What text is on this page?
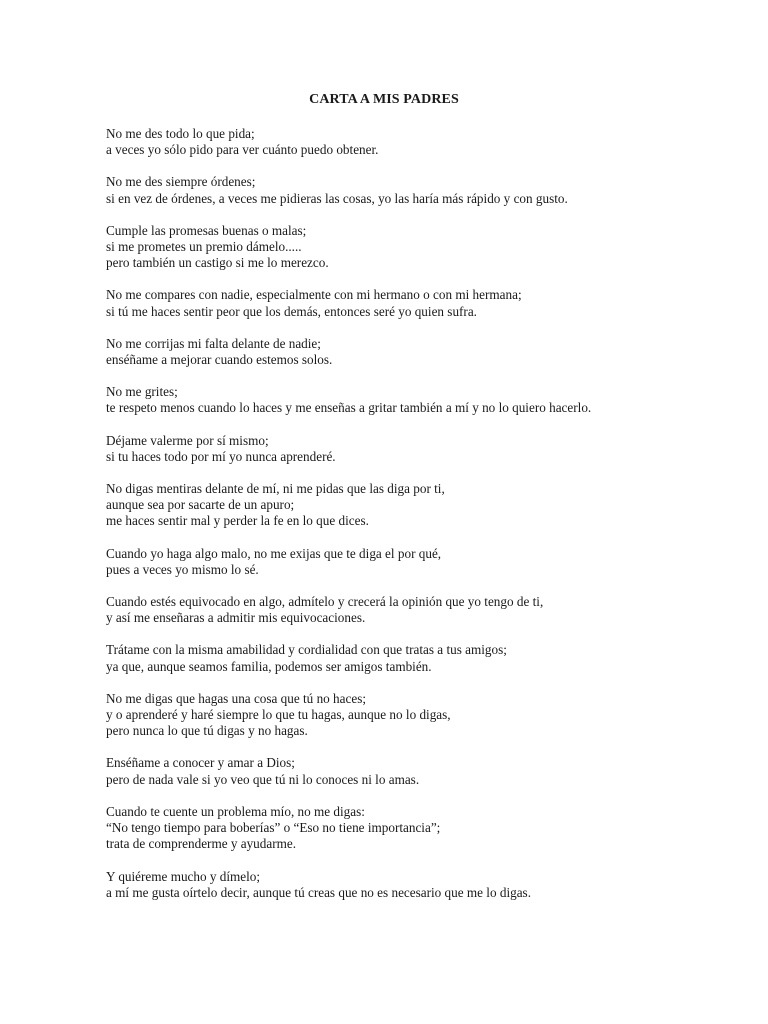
CARTA A MIS PADRES
No me des todo lo que pida;
a veces yo sólo pido para ver cuánto puedo obtener.
No me des siempre órdenes;
si en vez de órdenes, a veces me pidieras las cosas, yo las haría más rápido y con gusto.
Cumple las promesas buenas o malas;
si me prometes un premio dámelo.....
pero también un castigo si me lo merezco.
No me compares con nadie, especialmente con mi hermano o con mi hermana;
si tú me haces sentir peor que los demás, entonces seré yo quien sufra.
No me corrijas mi falta delante de nadie;
enséñame a mejorar cuando estemos solos.
No me grites;
te respeto menos cuando lo haces y me enseñas a gritar también a mí y no lo quiero hacerlo.
Déjame valerme por sí mismo;
si tu haces todo por mí yo nunca aprenderé.
No digas mentiras delante de mí, ni me pidas que las diga por ti,
aunque sea por sacarte de un apuro;
me haces sentir mal y perder la fe en lo que dices.
Cuando yo haga algo malo, no me exijas que te diga el por qué,
pues a veces yo mismo lo sé.
Cuando estés equivocado en algo, admítelo y crecerá la opinión que yo tengo de ti,
y así me enseñaras a admitir mis equivocaciones.
Trátame con la misma amabilidad y cordialidad con que tratas a tus amigos;
ya que, aunque seamos familia, podemos ser amigos también.
No me digas que hagas una cosa que tú no haces;
y o aprenderé y haré siempre lo que tu hagas, aunque no lo digas,
pero nunca lo que tú digas y no hagas.
Enséñame a conocer y amar a Dios;
pero de nada vale si yo veo que tú ni lo conoces ni lo amas.
Cuando te cuente un problema mío, no me digas:
“No tengo tiempo para boberías” o “Eso no tiene importancia”;
trata de comprenderme y ayudarme.
Y quiéreme mucho y dímelo;
a mí me gusta oírtelo decir, aunque tú creas que no es necesario que me lo digas.
